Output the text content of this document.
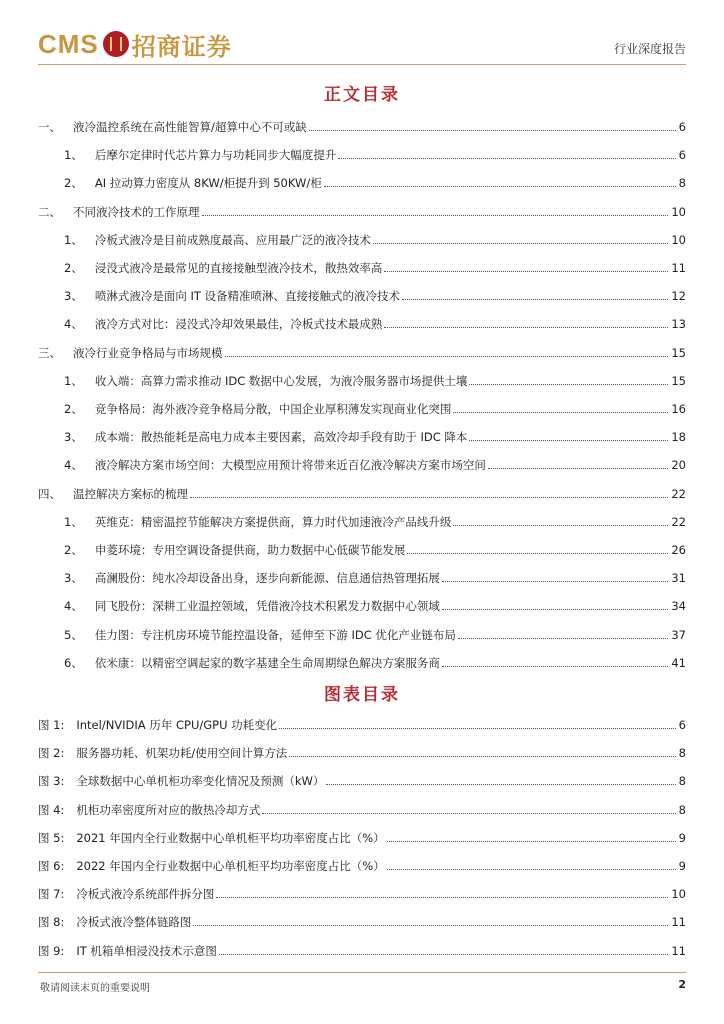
CMS 招商证券	行业深度报告
正文目录
一、 液冷温控系统在高性能智算/超算中心不可或缺	6
1、 后摩尔定律时代芯片算力与功耗同步大幅度提升	6
2、 AI 拉动算力密度从 8KW/柜提升到 50KW/柜	8
二、 不同液冷技术的工作原理	10
1、 冷板式液冷是目前成熟度最高、应用最广泛的液冷技术	10
2、 浸没式液冷是最常见的直接接触型液冷技术，散热效率高	11
3、 喷淋式液冷是面向 IT 设备精准喷淋、直接接触式的液冷技术	12
4、 液冷方式对比：浸没式冷却效果最佳，冷板式技术最成熟	13
三、 液冷行业竞争格局与市场规模	15
1、 收入端：高算力需求推动 IDC 数据中心发展，为液冷服务器市场提供土壤	15
2、 竞争格局：海外液冷竞争格局分散，中国企业厚积薄发实现商业化突围	16
3、 成本端：散热能耗是高电力成本主要因素，高效冷却手段有助于 IDC 降本	18
4、 液冷解决方案市场空间：大模型应用预计将带来近百亿液冷解决方案市场空间	20
四、 温控解决方案标的梳理	22
1、 英维克：精密温控节能解决方案提供商，算力时代加速液冷产品线升级	22
2、 申菱环境：专用空调设备提供商，助力数据中心低碳节能发展	26
3、 高澜股份：纯水冷却设备出身，逐步向新能源、信息通信热管理拓展	31
4、 同飞股份：深耕工业温控领域，凭借液冷技术积累发力数据中心领域	34
5、 佳力图：专注机房环境节能控温设备，延伸至下游 IDC 优化产业链布局	37
6、 依米康：以精密空调起家的数字基建全生命周期绿色解决方案服务商	41
图表目录
图 1: Intel/NVIDIA 历年 CPU/GPU 功耗变化	6
图 2: 服务器功耗、机架功耗/使用空间计算方法	8
图 3: 全球数据中心单机柜功率变化情况及预测（kW）	8
图 4: 机柜功率密度所对应的散热冷却方式	8
图 5: 2021 年国内全行业数据中心单机柜平均功率密度占比（%）	9
图 6: 2022 年国内全行业数据中心单机柜平均功率密度占比（%）	9
图 7: 冷板式液冷系统部件拆分图	10
图 8: 冷板式液冷整体链路图	11
图 9: IT 机箱单相浸没技术示意图	11
敬请阅读末页的重要说明	2
